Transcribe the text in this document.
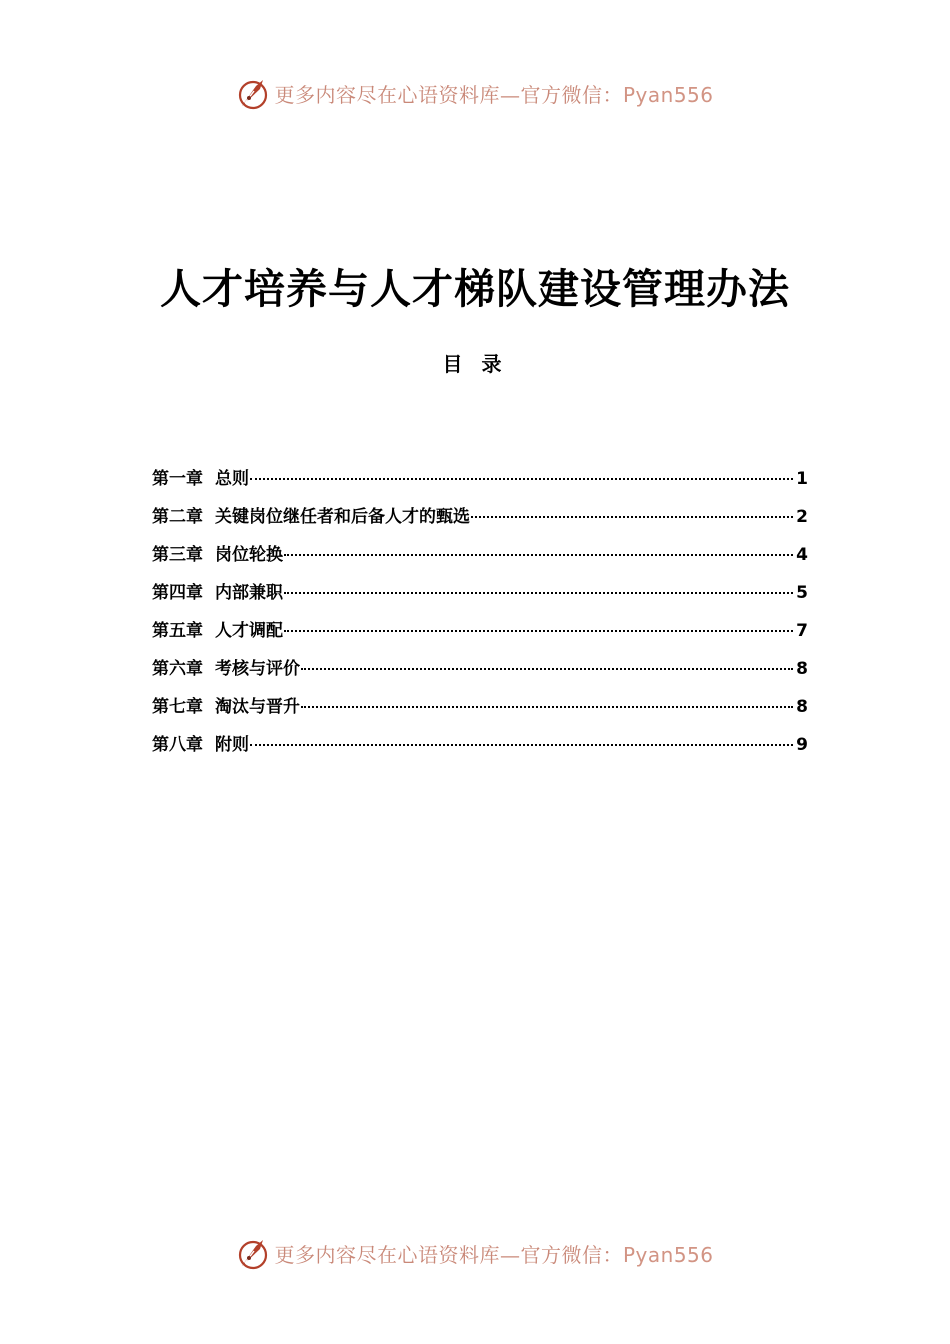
更多内容尽在心语资料库—官方微信：Pyan556
人才培养与人才梯队建设管理办法
目 录
第一章 总则	1
第二章 关键岗位继任者和后备人才的甄选	2
第三章 岗位轮换	4
第四章 内部兼职	5
第五章 人才调配	7
第六章 考核与评价	8
第七章 淘汰与晋升	8
第八章 附则	9
更多内容尽在心语资料库—官方微信：Pyan556
